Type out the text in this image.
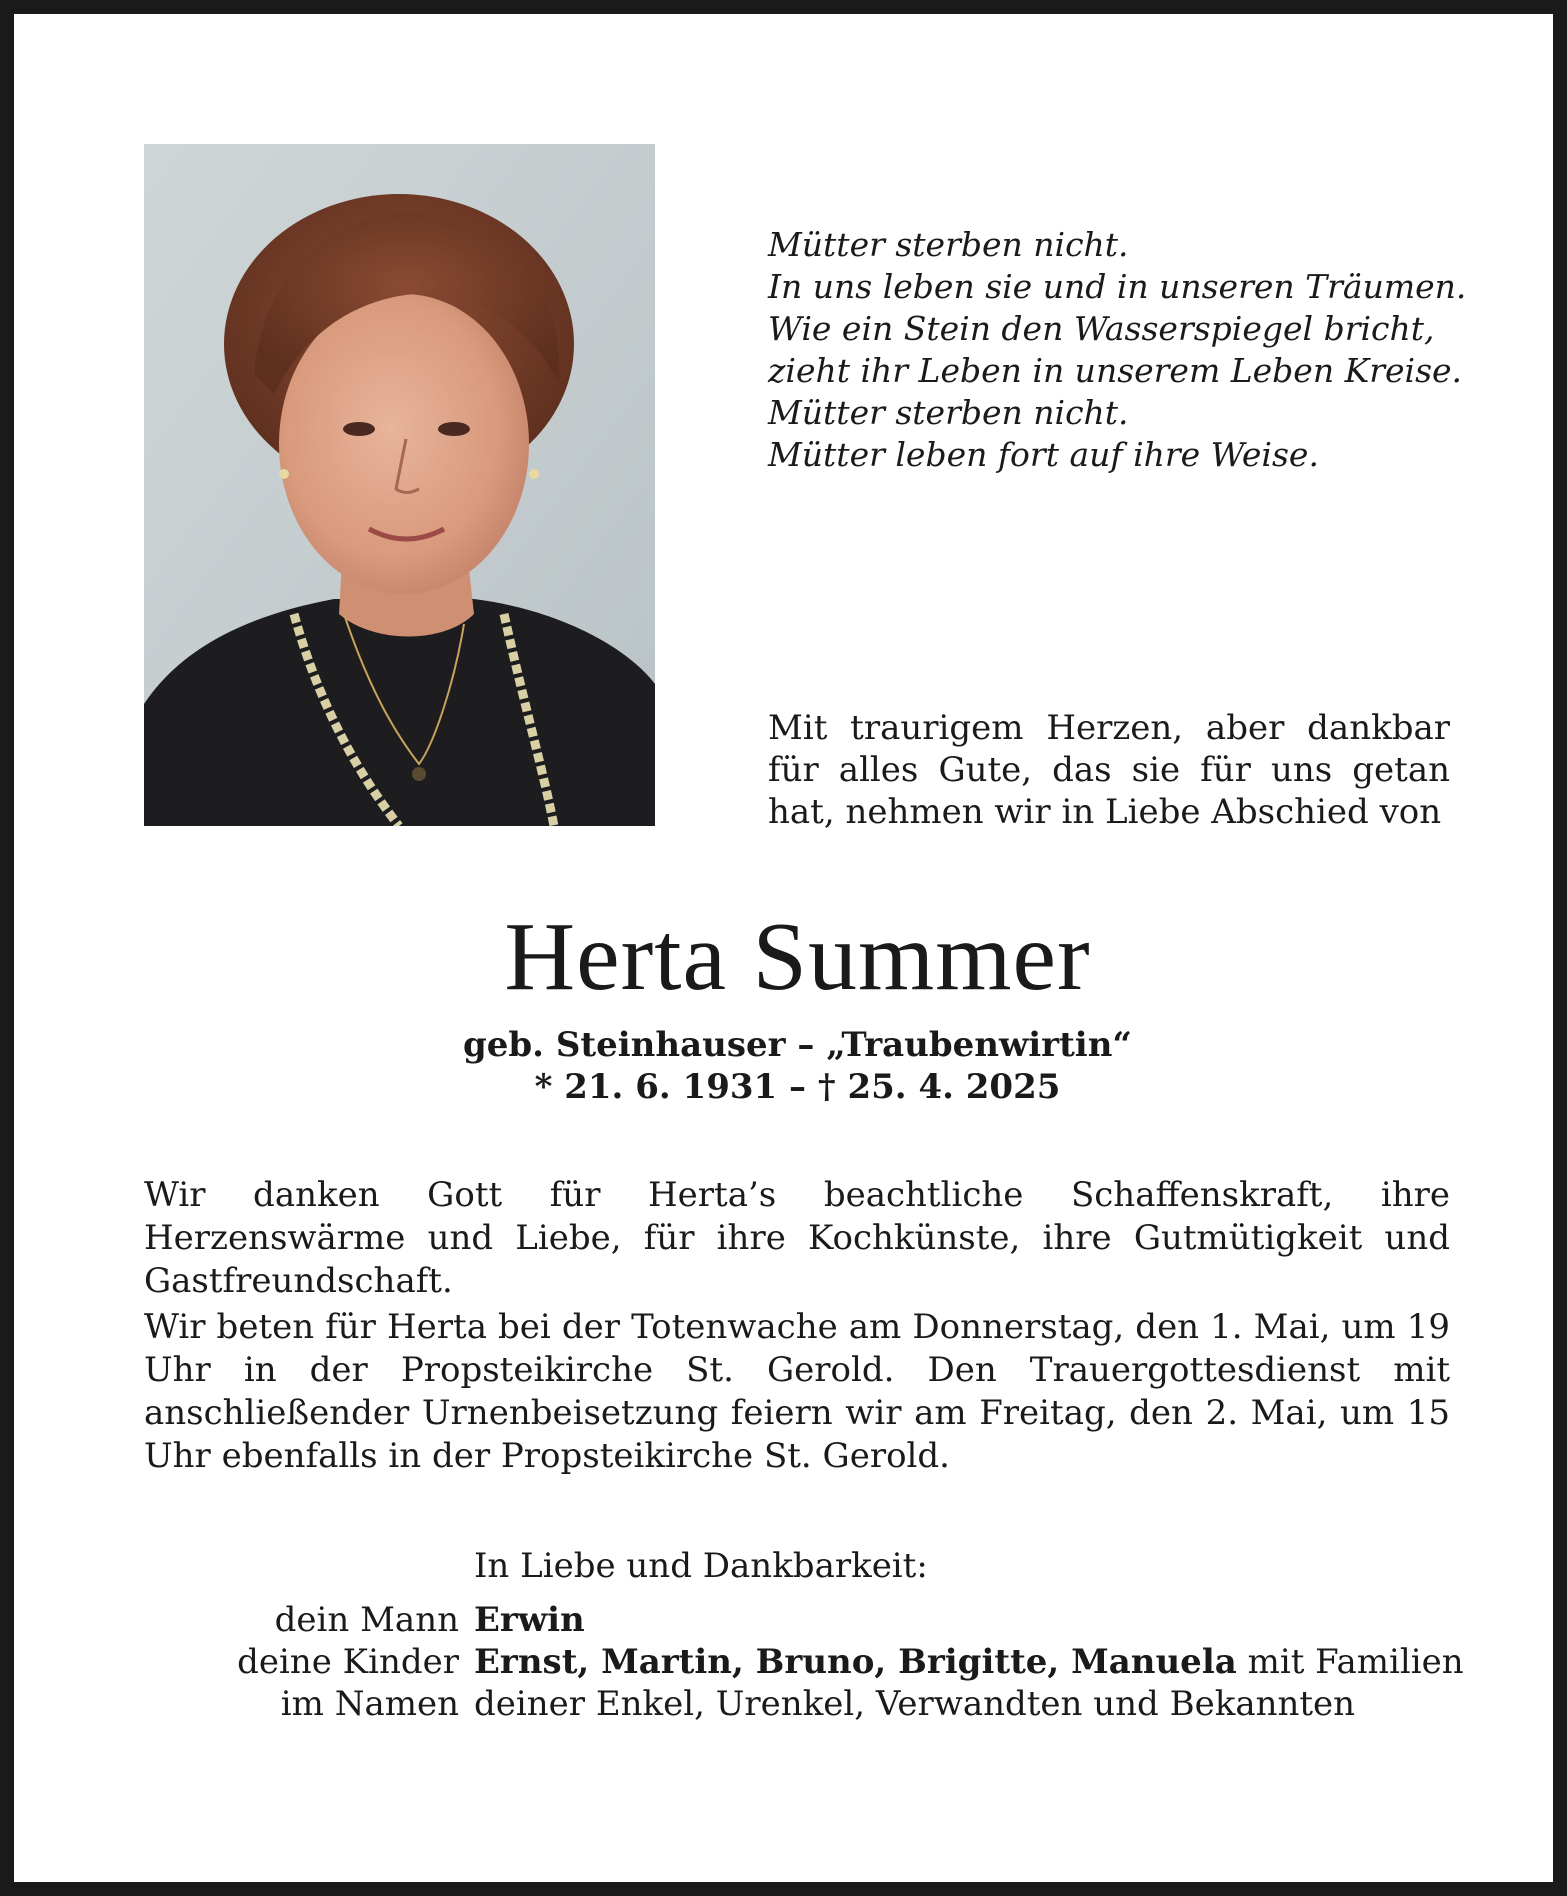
Mütter sterben nicht.
In uns leben sie und in unseren Träumen.
Wie ein Stein den Wasserspiegel bricht,
zieht ihr Leben in unserem Leben Kreise.
Mütter sterben nicht.
Mütter leben fort auf ihre Weise.
Mit traurigem Herzen, aber dankbar für alles Gute, das sie für uns getan hat, nehmen wir in Liebe Abschied von
Herta Summer
geb. Steinhauser – „Traubenwirtin“
* 21. 6. 1931 – † 25. 4. 2025
Wir danken Gott für Herta’s beachtliche Schaffenskraft, ihre Herzenswärme und Liebe, für ihre Kochkünste, ihre Gutmütigkeit und Gastfreundschaft.
Wir beten für Herta bei der Totenwache am Donnerstag, den 1. Mai, um 19 Uhr in der Propsteikirche St. Gerold. Den Trauergottesdienst mit anschließender Urnenbeisetzung feiern wir am Freitag, den 2. Mai, um 15 Uhr ebenfalls in der Propsteikirche St. Gerold.
In Liebe und Dankbarkeit:
dein Mann Erwin
deine Kinder Ernst, Martin, Bruno, Brigitte, Manuela mit Familien
im Namen deiner Enkel, Urenkel, Verwandten und Bekannten
